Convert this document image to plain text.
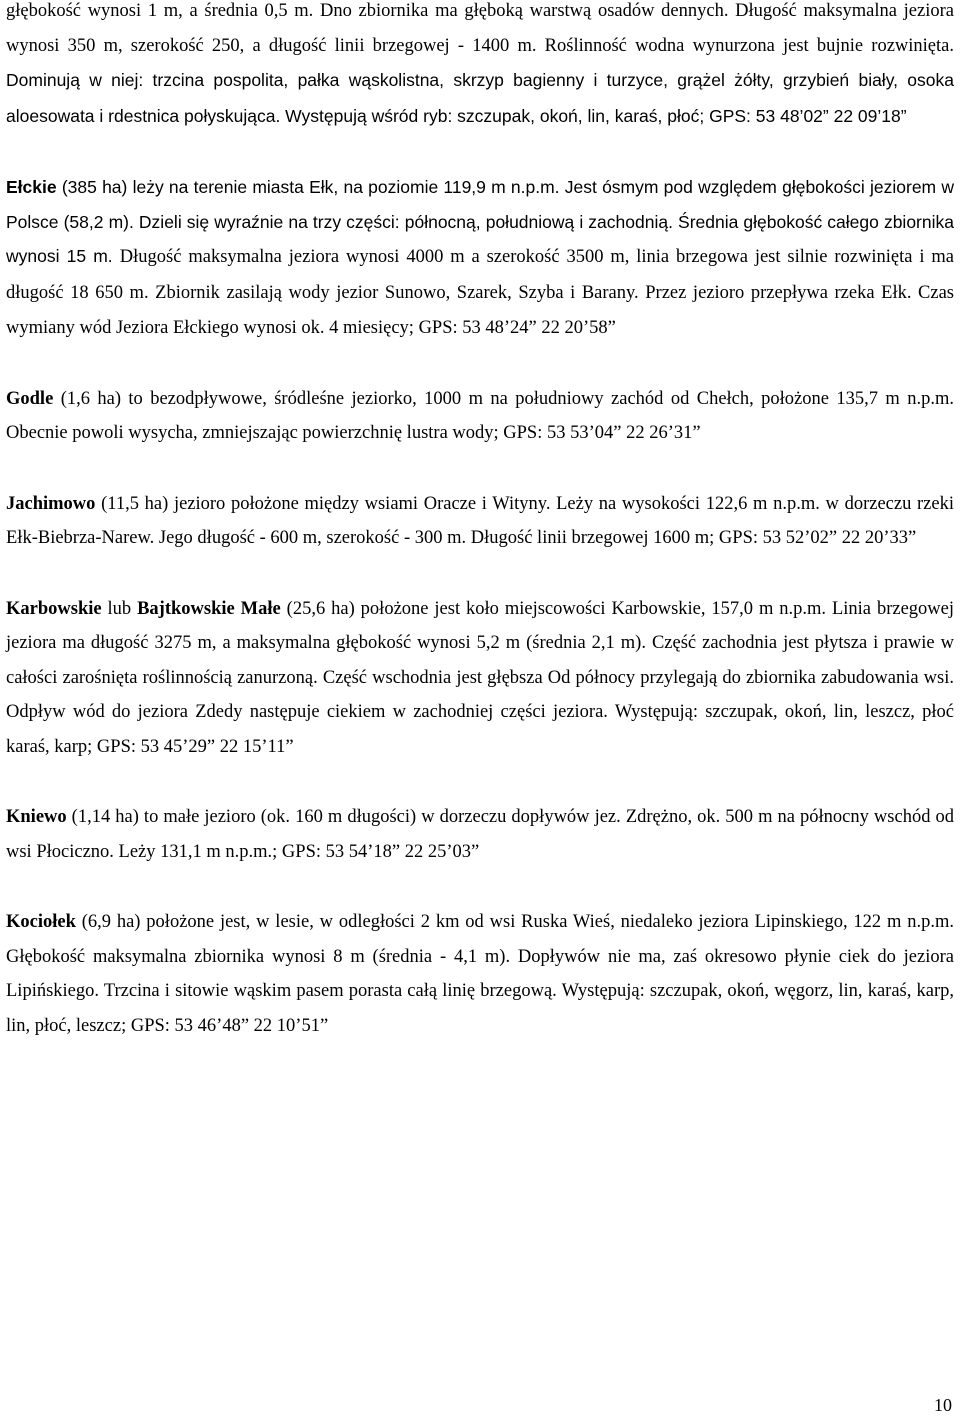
głębokość wynosi 1 m, a średnia 0,5 m. Dno zbiornika ma głęboką warstwą osadów dennych. Długość maksymalna jeziora wynosi 350 m, szerokość 250, a długość linii brzegowej - 1400 m. Roślinność wodna wynurzona jest bujnie rozwinięta. Dominują w niej: trzcina pospolita, pałka wąskolistna, skrzyp bagienny i turzyce, grążel żółty, grzybień biały, osoka aloesowata i rdestnica połyskująca. Występują wśród ryb: szczupak, okoń, lin, karaś, płoć; GPS: 53 48’02” 22 09’18”

Ełckie (385 ha) leży na terenie miasta Ełk, na poziomie 119,9 m n.p.m. Jest ósmym pod względem głębokości jeziorem w Polsce (58,2 m). Dzieli się wyraźnie na trzy części: północną, południową i zachodnią. Średnia głębokość całego zbiornika wynosi 15 m. Długość maksymalna jeziora wynosi 4000 m a szerokość 3500 m, linia brzegowa jest silnie rozwinięta i ma długość 18 650 m. Zbiornik zasilają wody jezior Sunowo, Szarek, Szyba i Barany. Przez jezioro przepływa rzeka Ełk. Czas wymiany wód Jeziora Ełckiego wynosi ok. 4 miesięcy; GPS: 53 48’24” 22 20’58”

Godle (1,6 ha) to bezodpływowe, śródleśne jeziorko, 1000 m na południowy zachód od Chełch, położone 135,7 m n.p.m. Obecnie powoli wysycha, zmniejszając powierzchnię lustra wody; GPS: 53 53’04” 22 26’31”

Jachimowo (11,5 ha) jezioro położone między wsiami Oracze i Wityny. Leży na wysokości 122,6 m n.p.m. w dorzeczu rzeki Ełk-Biebrza-Narew. Jego długość - 600 m, szerokość - 300 m. Długość linii brzegowej 1600 m; GPS: 53 52’02” 22 20’33”

Karbowskie lub Bajtkowskie Małe (25,6 ha) położone jest koło miejscowości Karbowskie, 157,0 m n.p.m. Linia brzegowej jeziora ma długość 3275 m, a maksymalna głębokość wynosi 5,2 m (średnia 2,1 m). Część zachodnia jest płytsza i prawie w całości zarośnięta roślinnością zanurzoną. Część wschodnia jest głębsza Od północy przylegają do zbiornika zabudowania wsi. Odpływ wód do jeziora Zdedy następuje ciekiem w zachodniej części jeziora. Występują: szczupak, okoń, lin, leszcz, płoć karaś, karp; GPS: 53 45’29” 22 15’11”

Kniewo (1,14 ha) to małe jezioro (ok. 160 m długości) w dorzeczu dopływów jez. Zdrężno, ok. 500 m na północny wschód od wsi Płociczno. Leży 131,1 m n.p.m.; GPS: 53 54’18” 22 25’03”

Kociołek (6,9 ha) położone jest, w lesie, w odległości 2 km od wsi Ruska Wieś, niedaleko jeziora Lipinskiego, 122 m n.p.m. Głębokość maksymalna zbiornika wynosi 8 m (średnia - 4,1 m). Dopływów nie ma, zaś okresowo płynie ciek do jeziora Lipińskiego. Trzcina i sitowie wąskim pasem porasta całą linię brzegową. Występują: szczupak, okoń, węgorz, lin, karaś, karp, lin, płoć, leszcz; GPS: 53 46’48” 22 10’51”

10
